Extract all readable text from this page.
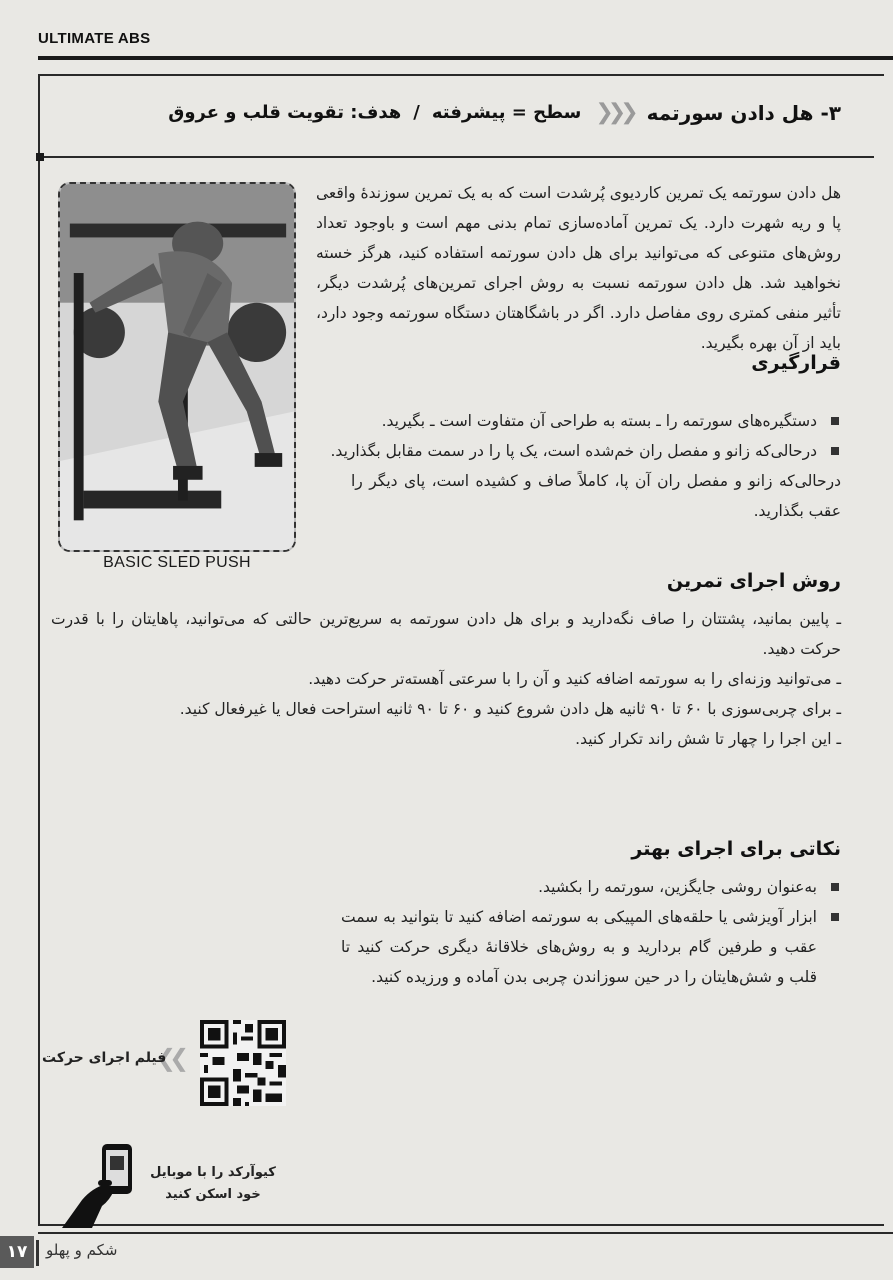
ULTIMATE ABS
۳- هل دادن سورتمه
❮❮❮
سطح = پیشرفته
/
هدف: تقویت قلب و عروق
BASIC SLED PUSH
هل دادن سورتمه یک تمرین کاردیوی پُرشدت است که به یک تمرین سوزندهٔ واقعی پا و ریه شهرت دارد. یک تمرین آماده‌سازی تمام بدنی مهم است و باوجود تعداد روش‌های متنوعی که می‌توانید برای هل دادن سورتمه استفاده کنید، هرگز خسته نخواهید شد. هل دادن سورتمه نسبت به روش اجرای تمرین‌های پُرشدت دیگر، تأثیر منفی کمتری روی مفاصل دارد. اگر در باشگاهتان دستگاه سورتمه وجود دارد، باید از آن بهره بگیرید.
قرارگیری
دستگیره‌های سورتمه را ـ بسته به طراحی آن متفاوت است ـ بگیرید.
درحالی‌که زانو و مفصل ران خم‌شده است، یک پا را در سمت مقابل بگذارید.
درحالی‌که زانو و مفصل ران آن پا، کاملاً صاف و کشیده است، پای دیگر را عقب بگذارید.
روش اجرای تمرین
ـ پایین بمانید، پشتتان را صاف نگه‌دارید و برای هل دادن سورتمه به سریع‌ترین حالتی که می‌توانید، پاهایتان را با قدرت حرکت دهید.
ـ می‌توانید وزنه‌ای را به سورتمه اضافه کنید و آن را با سرعتی آهسته‌تر حرکت دهید.
ـ برای چربی‌سوزی با ۶۰ تا ۹۰ ثانیه هل دادن شروع کنید و ۶۰ تا ۹۰ ثانیه استراحت فعال یا غیرفعال کنید.
ـ این اجرا را چهار تا شش راند تکرار کنید.
نکاتی برای اجرای بهتر
به‌عنوان روشی جایگزین، سورتمه را بکشید.
ابزار آویزشی یا حلقه‌های المپیکی به سورتمه اضافه کنید تا بتوانید به سمت عقب و طرفین گام بردارید و به روش‌های خلاقانهٔ دیگری حرکت کنید تا قلب و شش‌هایتان را در حین سوزاندن چربی بدن آماده و ورزیده کنید.
❮❮
فیلم اجرای حرکت
کیوآرکد را با موبایل خود اسکن کنید
۱۷	شکم و پهلو
